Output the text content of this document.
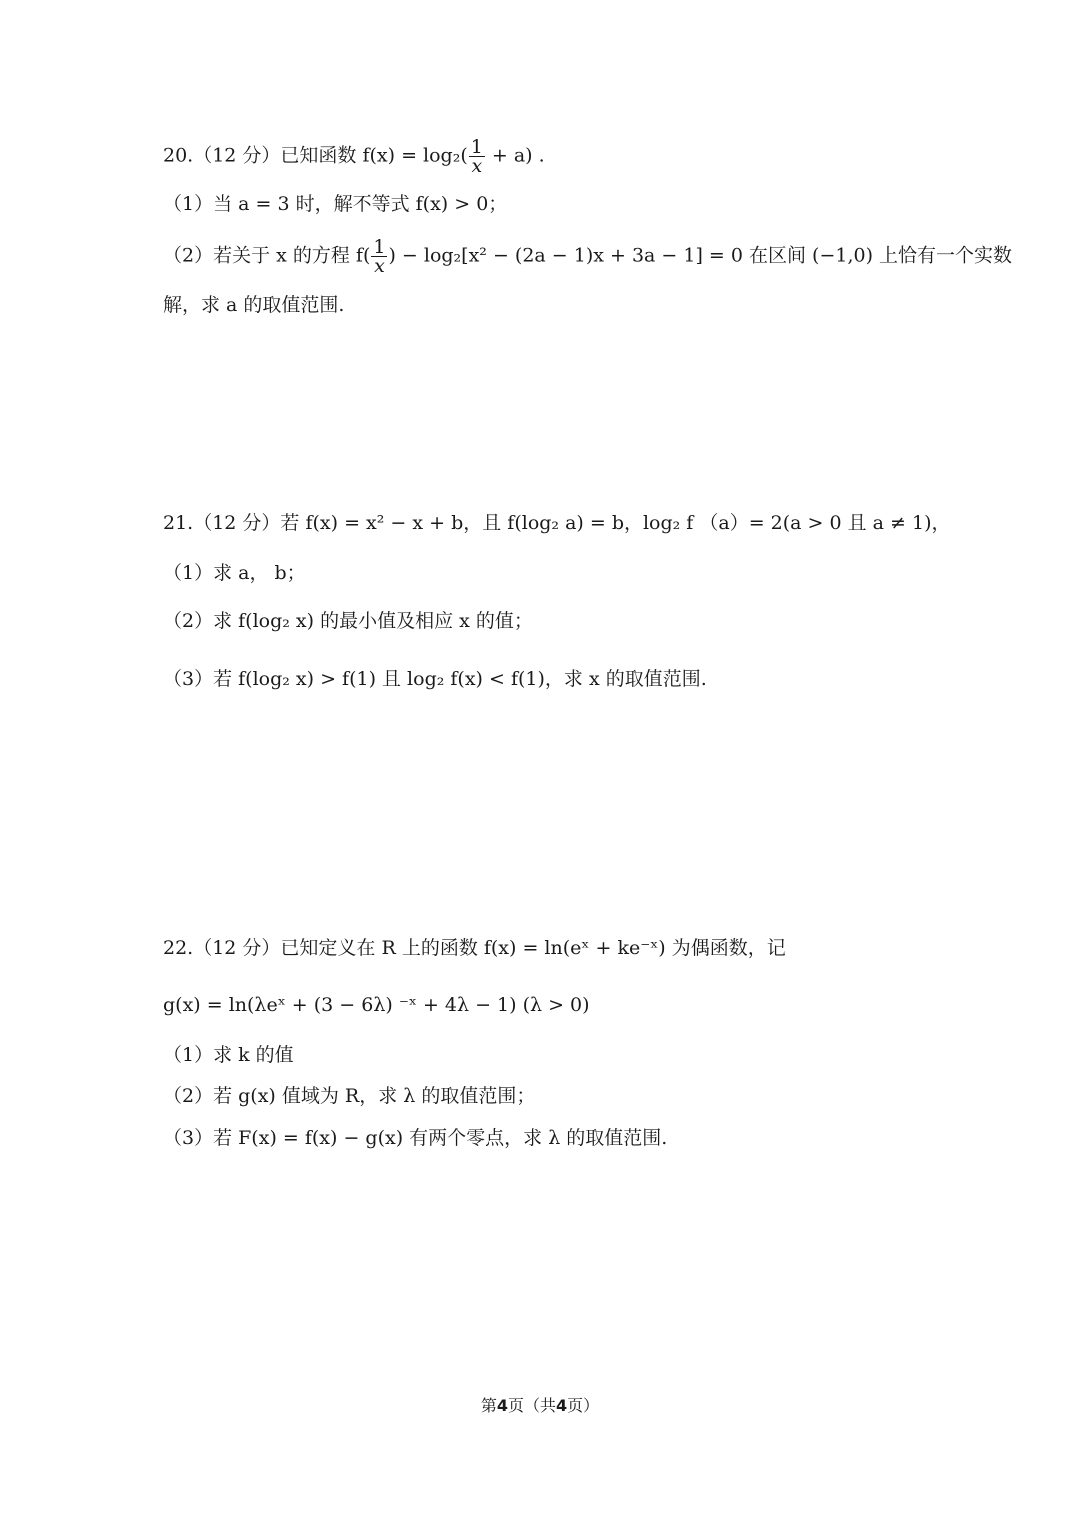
20.（12 分）已知函数 $f(x) = \log_2( \frac{1}{x} + a)$ .
（1）当 a = 3 时，解不等式 f(x) > 0；
（2）若关于 x 的方程 $f( \frac{1}{x}$ ) − log₂[x² − (2a − 1)x + 3a − 1] = 0 在区间 (−1,0) 上恰有一个实数
解，求 a 的取值范围.
21.（12 分）若 f(x) = x² − x + b，且 f(log₂ a) = b，log₂ f （a）= 2(a > 0 且 a ≠ 1)，
（1）求 a， b；
（2）求 f(log₂ x) 的最小值及相应 x 的值；
（3）若 f(log₂ x) > f(1) 且 log₂ f(x) < f(1)，求 x 的取值范围.
22.（12 分）已知定义在 R 上的函数 f(x) = ln(eˣ + ke⁻ˣ) 为偶函数，记
g(x) = ln(λeˣ + (3 − 6λ) ⁻ˣ + 4λ − 1) (λ > 0)
（1）求 k 的值
（2）若 g(x) 值域为 R，求 λ 的取值范围；
（3）若 F(x) = f(x) − g(x) 有两个零点，求 λ 的取值范围.
第4页（共4页）
